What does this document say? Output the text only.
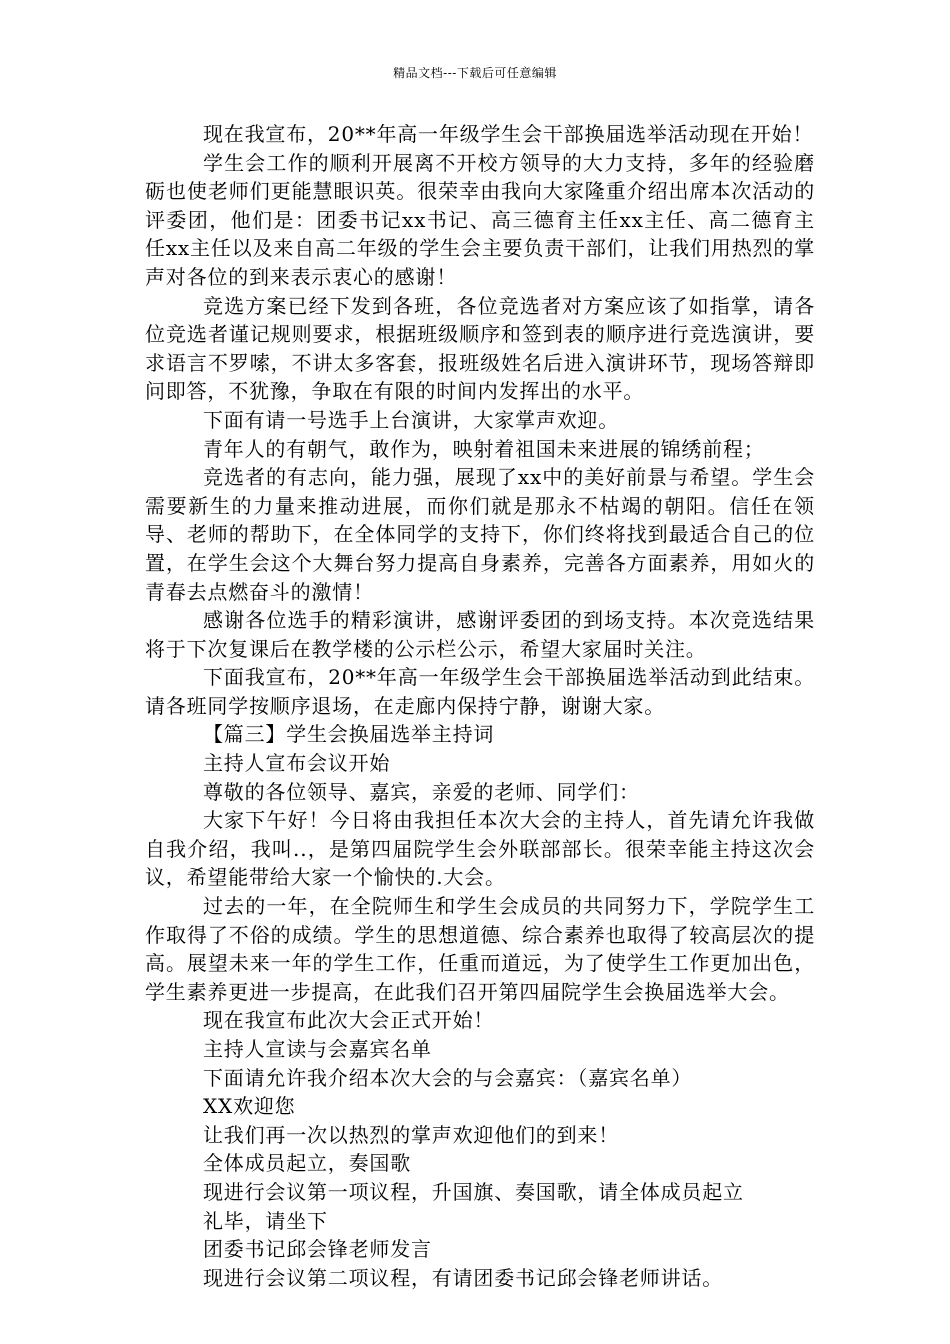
精品文档---下载后可任意编辑

现在我宣布，20**年高一年级学生会干部换届选举活动现在开始！

学生会工作的顺利开展离不开校方领导的大力支持，多年的经验磨砺也使老师们更能慧眼识英。很荣幸由我向大家隆重介绍出席本次活动的评委团，他们是：团委书记xx书记、高三德育主任xx主任、高二德育主任xx主任以及来自高二年级的学生会主要负责干部们，让我们用热烈的掌声对各位的到来表示衷心的感谢！

竞选方案已经下发到各班，各位竞选者对方案应该了如指掌，请各位竞选者谨记规则要求，根据班级顺序和签到表的顺序进行竞选演讲，要求语言不罗嗦，不讲太多客套，报班级姓名后进入演讲环节，现场答辩即问即答，不犹豫，争取在有限的时间内发挥出的水平。

下面有请一号选手上台演讲，大家掌声欢迎。

青年人的有朝气，敢作为，映射着祖国未来进展的锦绣前程；

竞选者的有志向，能力强，展现了xx中的美好前景与希望。学生会需要新生的力量来推动进展，而你们就是那永不枯竭的朝阳。信任在领导、老师的帮助下，在全体同学的支持下，你们终将找到最适合自己的位置，在学生会这个大舞台努力提高自身素养，完善各方面素养，用如火的青春去点燃奋斗的激情！

感谢各位选手的精彩演讲，感谢评委团的到场支持。本次竞选结果将于下次复课后在教学楼的公示栏公示，希望大家届时关注。

下面我宣布，20**年高一年级学生会干部换届选举活动到此结束。请各班同学按顺序退场，在走廊内保持宁静，谢谢大家。

【篇三】学生会换届选举主持词

主持人宣布会议开始

尊敬的各位领导、嘉宾，亲爱的老师、同学们：

大家下午好！今日将由我担任本次大会的主持人，首先请允许我做自我介绍，我叫..，是第四届院学生会外联部部长。很荣幸能主持这次会议，希望能带给大家一个愉快的.大会。

过去的一年，在全院师生和学生会成员的共同努力下，学院学生工作取得了不俗的成绩。学生的思想道德、综合素养也取得了较高层次的提高。展望未来一年的学生工作，任重而道远，为了使学生工作更加出色，学生素养更进一步提高，在此我们召开第四届院学生会换届选举大会。

现在我宣布此次大会正式开始！

主持人宣读与会嘉宾名单

下面请允许我介绍本次大会的与会嘉宾：（嘉宾名单）

XX欢迎您

让我们再一次以热烈的掌声欢迎他们的到来！

全体成员起立，奏国歌

现进行会议第一项议程，升国旗、奏国歌，请全体成员起立

礼毕，请坐下

团委书记邱会锋老师发言

现进行会议第二项议程，有请团委书记邱会锋老师讲话。
